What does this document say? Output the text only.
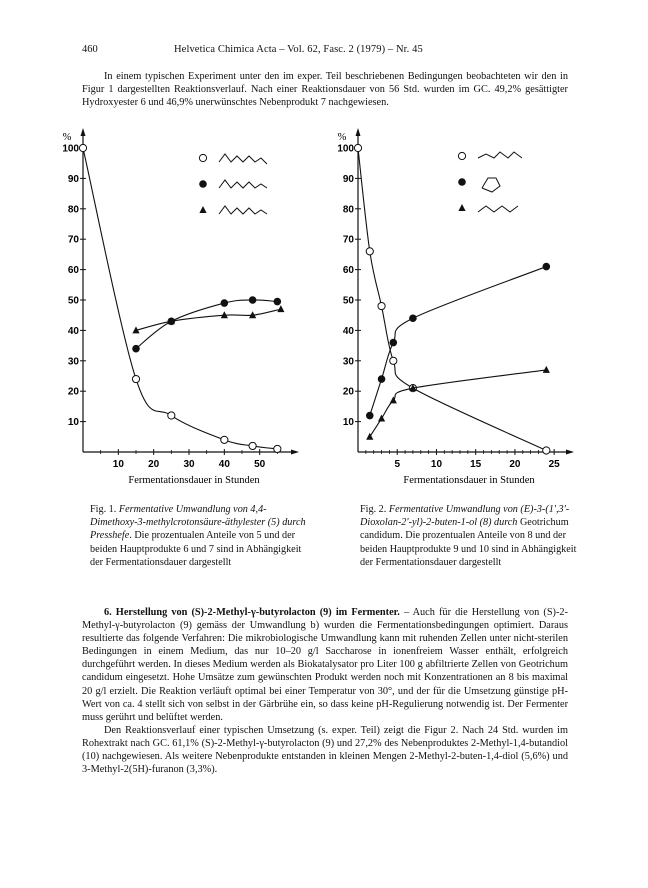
460	Helvetica Chimica Acta – Vol. 62, Fasc. 2 (1979) – Nr. 45
In einem typischen Experiment unter den im exper. Teil beschriebenen Bedingungen beobachteten wir den in Figur 1 dargestellten Reaktionsverlauf. Nach einer Reaktionsdauer von 56 Std. wurden im GC. 49,2% gesättigter Hydroxyester 6 und 46,9% unerwünschtes Nebenprodukt 7 nachgewiesen.
%
10
20
30
40
50
60
70
80
90
100
10 20 30 40 50
Fermentationsdauer in Stunden
%
10
20
30
40
50
60
70
80
90
100
5	10	15	20	25
Fermentationsdauer in Stunden
Fig. 1. Fermentative Umwandlung von 4,4-Dimethoxy-3-methylcrotonsäure-äthylester (5) durch Presshefe. Die prozentualen Anteile von 5 und der beiden Hauptprodukte 6 und 7 sind in Abhängigkeit der Fermentationsdauer dargestellt
Fig. 2. Fermentative Umwandlung von (E)-3-(1',3'-Dioxolan-2'-yl)-2-buten-1-ol (8) durch Geotrichum candidum. Die prozentualen Anteile von 8 und der beiden Hauptprodukte 9 und 10 sind in Abhängigkeit der Fermentationsdauer dargestellt

6. Herstellung von (S)-2-Methyl-γ-butyrolacton (9) im Fermenter. – Auch für die Herstellung von (S)-2-Methyl-γ-butyrolacton (9) gemäss der Umwandlung b) wurden die Fermentationsbedingungen optimiert. Daraus resultierte das folgende Verfahren: Die mikrobiologische Umwandlung kann mit ruhenden Zellen unter nicht-sterilen Bedingungen in einem Medium, das nur 10–20 g/l Saccharose in ionenfreiem Wasser enthält, erfolgreich durchgeführt werden. In dieses Medium werden als Biokatalysator pro Liter 100 g abfiltrierte Zellen von Geotrichum candidum eingesetzt. Hohe Umsätze zum gewünschten Produkt werden noch mit Konzentrationen an 8 bis maximal 20 g/l erzielt. Die Reaktion verläuft optimal bei einer Temperatur von 30°, und der für die Umsetzung günstige pH-Wert von ca. 4 stellt sich von selbst in der Gärbrühe ein, so dass keine pH-Regulierung notwendig ist. Der Fermenter muss gerührt und belüftet werden.

Den Reaktionsverlauf einer typischen Umsetzung (s. exper. Teil) zeigt die Figur 2. Nach 24 Std. wurden im Rohextrakt nach GC. 61,1% (S)-2-Methyl-γ-butyrolacton (9) und 27,2% des Nebenproduktes 2-Methyl-1,4-butandiol (10) nachgewiesen. Als weitere Nebenprodukte entstanden in kleinen Mengen 2-Methyl-2-buten-1,4-diol (5,6%) und 3-Methyl-2(5H)-furanon (3,3%).
